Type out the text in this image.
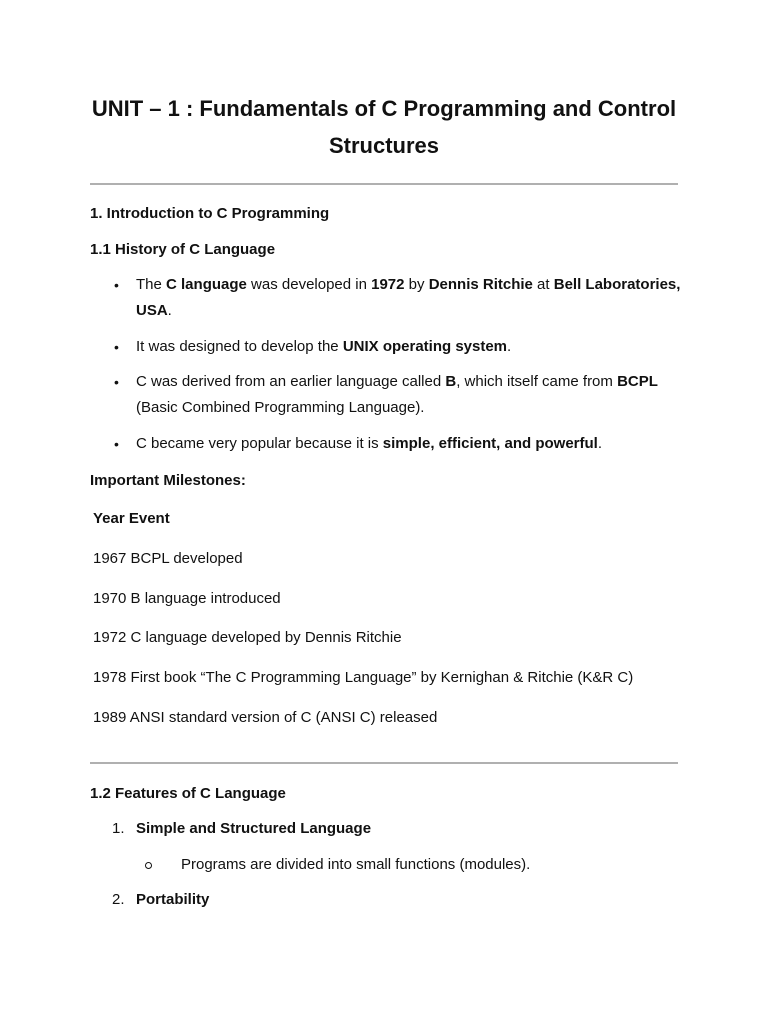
UNIT – 1 : Fundamentals of C Programming and Control Structures
1. Introduction to C Programming
1.1 History of C Language
• The C language was developed in 1972 by Dennis Ritchie at Bell Laboratories, USA.
• It was designed to develop the UNIX operating system.
• C was derived from an earlier language called B, which itself came from BCPL (Basic Combined Programming Language).
• C became very popular because it is simple, efficient, and powerful.
Important Milestones:
Year Event
1967 BCPL developed
1970 B language introduced
1972 C language developed by Dennis Ritchie
1978 First book “The C Programming Language” by Kernighan & Ritchie (K&R C)
1989 ANSI standard version of C (ANSI C) released
1.2 Features of C Language
1. Simple and Structured Language
Programs are divided into small functions (modules).
2. Portability
